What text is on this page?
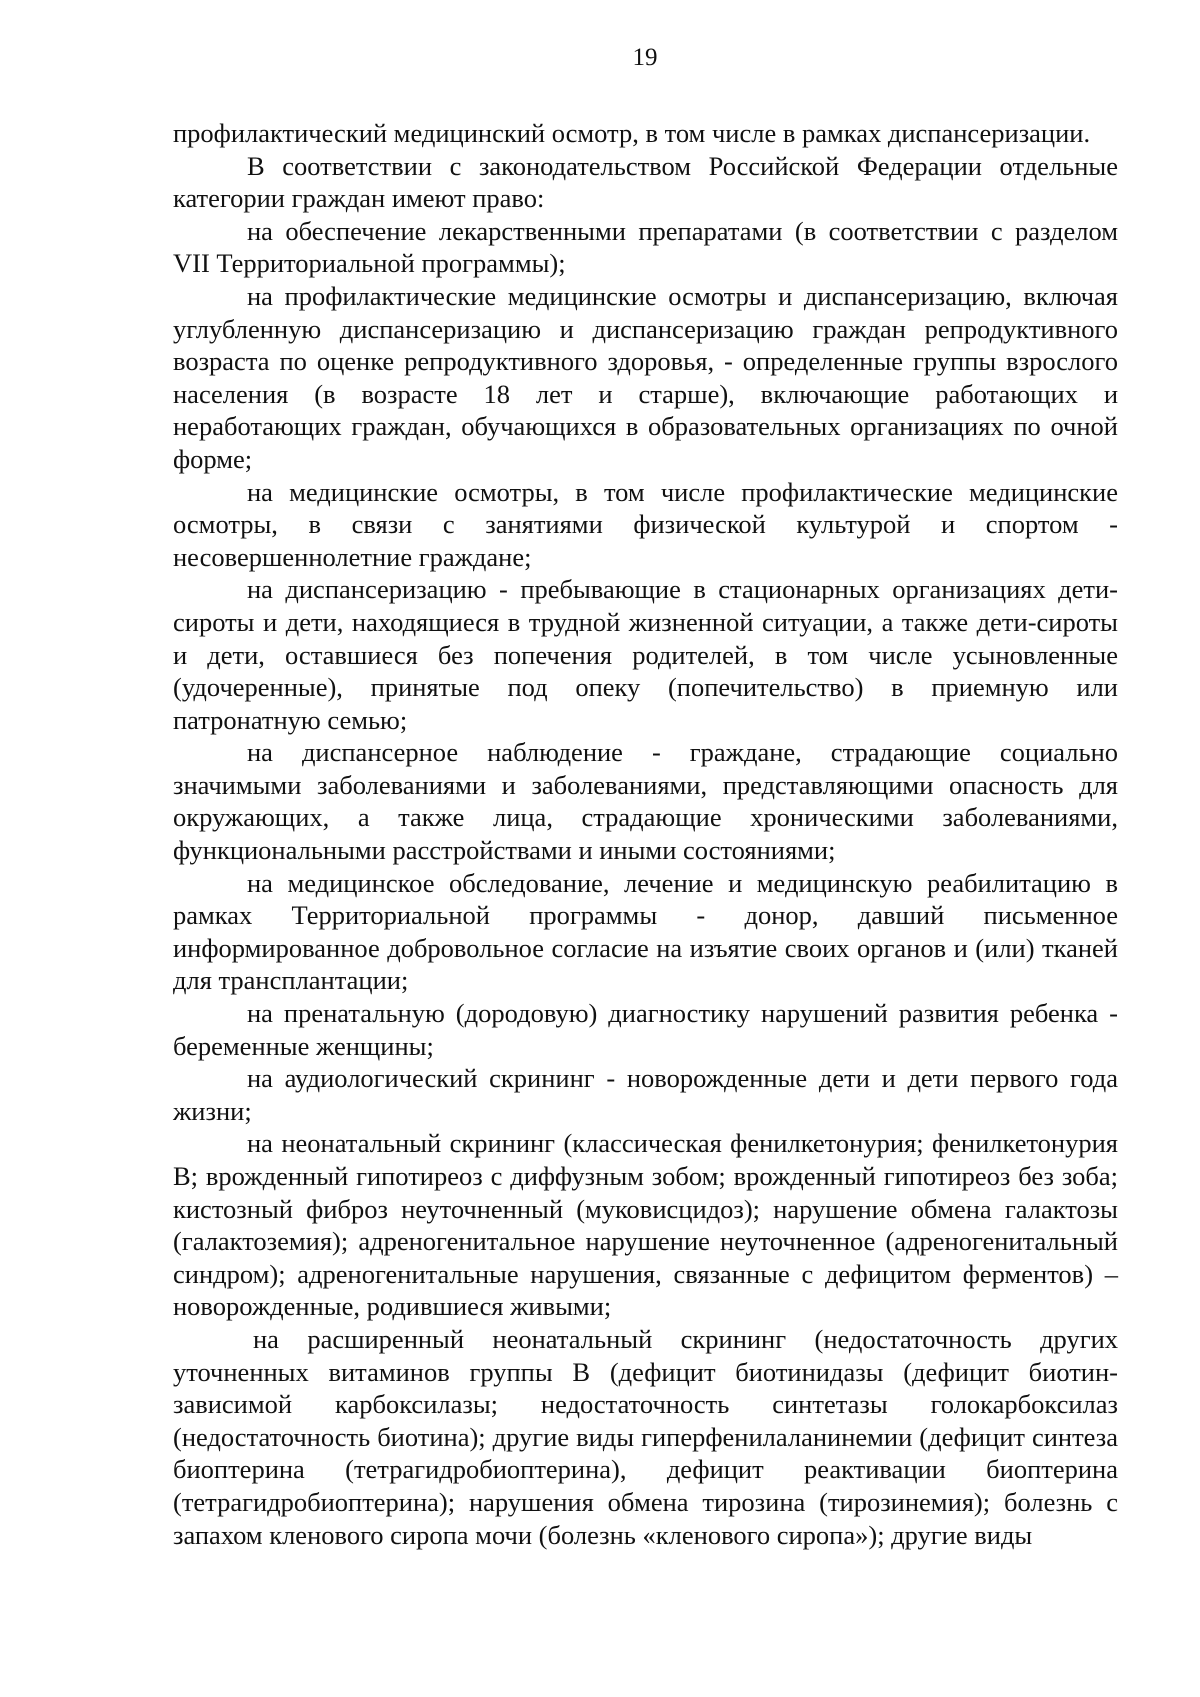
19

профилактический медицинский осмотр, в том числе в рамках диспансеризации.

В соответствии с законодательством Российской Федерации отдельные категории граждан имеют право:

на обеспечение лекарственными препаратами (в соответствии с разделом VII Территориальной программы);

на профилактические медицинские осмотры и диспансеризацию, включая углубленную диспансеризацию и диспансеризацию граждан репродуктивного возраста по оценке репродуктивного здоровья, - определенные группы взрослого населения (в возрасте 18 лет и старше), включающие работающих и неработающих граждан, обучающихся в образовательных организациях по очной форме;

на медицинские осмотры, в том числе профилактические медицинские осмотры, в связи с занятиями физической культурой и спортом - несовершеннолетние граждане;

на диспансеризацию - пребывающие в стационарных организациях дети-сироты и дети, находящиеся в трудной жизненной ситуации, а также дети-сироты и дети, оставшиеся без попечения родителей, в том числе усыновленные (удочеренные), принятые под опеку (попечительство) в приемную или патронатную семью;

на диспансерное наблюдение - граждане, страдающие социально значимыми заболеваниями и заболеваниями, представляющими опасность для окружающих, а также лица, страдающие хроническими заболеваниями, функциональными расстройствами и иными состояниями;

на медицинское обследование, лечение и медицинскую реабилитацию в рамках Территориальной программы - донор, давший письменное информированное добровольное согласие на изъятие своих органов и (или) тканей для трансплантации;

на пренатальную (дородовую) диагностику нарушений развития ребенка - беременные женщины;

на аудиологический скрининг - новорожденные дети и дети первого года жизни;

на неонатальный скрининг (классическая фенилкетонурия; фенилкетонурия B; врожденный гипотиреоз с диффузным зобом; врожденный гипотиреоз без зоба; кистозный фиброз неуточненный (муковисцидоз); нарушение обмена галактозы (галактоземия); адреногенитальное нарушение неуточненное (адреногенитальный синдром); адреногенитальные нарушения, связанные с дефицитом ферментов) – новорожденные, родившиеся живыми;

на расширенный неонатальный скрининг (недостаточность других уточненных витаминов группы B (дефицит биотинидазы (дефицит биотин-зависимой карбоксилазы; недостаточность синтетазы голокарбоксилаз (недостаточность биотина); другие виды гиперфенилаланинемии (дефицит синтеза биоптерина (тетрагидробиоптерина), дефицит реактивации биоптерина (тетрагидробиоптерина); нарушения обмена тирозина (тирозинемия); болезнь с запахом кленового сиропа мочи (болезнь «кленового сиропа»); другие виды
